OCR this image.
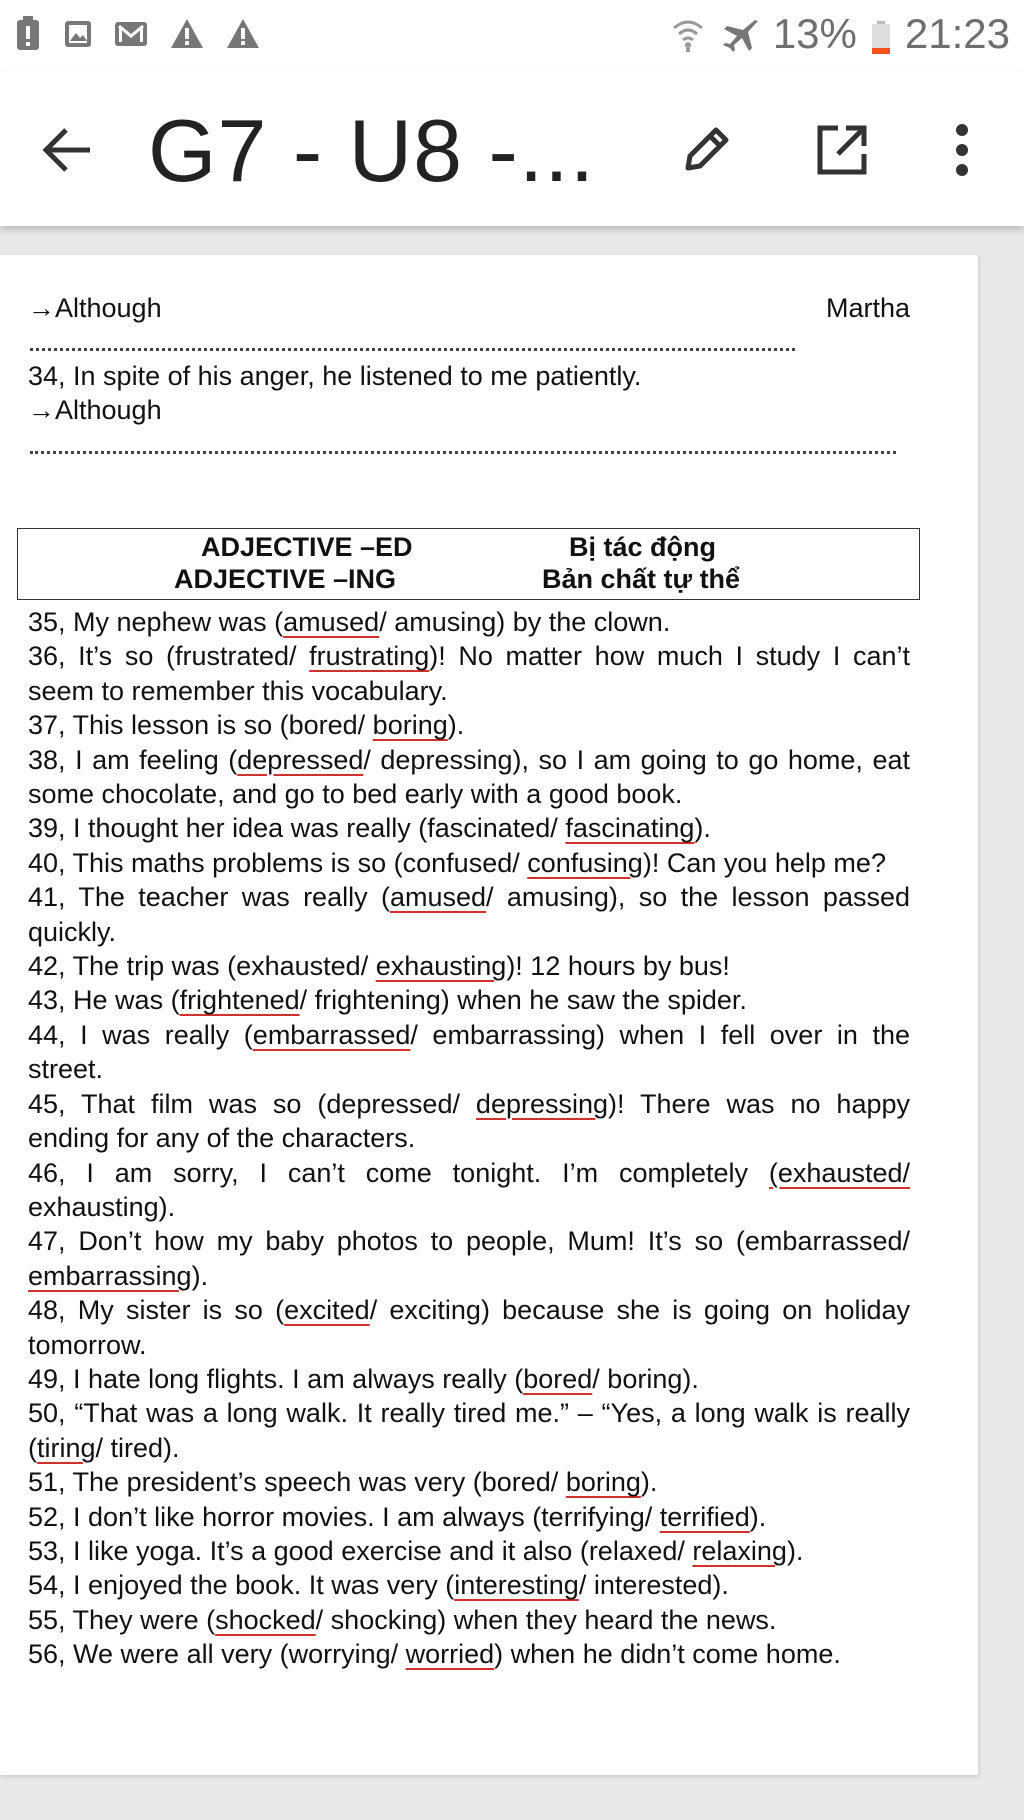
13% 21:23
G7 - U8 -...
→Although	Martha
34, In spite of his anger, he listened to me patiently.
→Although
ADJECTIVE –ED	Bị tác động
ADJECTIVE –ING	Bản chất tự thể

35, My nephew was (amused/ amusing) by the clown.

36, It’s so (frustrated/ frustrating)! No matter how much I study I can’t seem to remember this vocabulary.

37, This lesson is so (bored/ boring).

38, I am feeling (depressed/ depressing), so I am going to go home, eat some chocolate, and go to bed early with a good book.

39, I thought her idea was really (fascinated/ fascinating).

40, This maths problems is so (confused/ confusing)! Can you help me?

41, The teacher was really (amused/ amusing), so the lesson passed quickly.

42, The trip was (exhausted/ exhausting)! 12 hours by bus!

43, He was (frightened/ frightening) when he saw the spider.

44, I was really (embarrassed/ embarrassing) when I fell over in the street.

45, That film was so (depressed/ depressing)! There was no happy ending for any of the characters.

46, I am sorry, I can’t come tonight. I’m completely (exhausted/ exhausting).

47, Don’t how my baby photos to people, Mum! It’s so (embarrassed/ embarrassing).

48, My sister is so (excited/ exciting) because she is going on holiday tomorrow.

49, I hate long flights. I am always really (bored/ boring).

50, “That was a long walk. It really tired me.” – “Yes, a long walk is really (tiring/ tired).

51, The president’s speech was very (bored/ boring).

52, I don’t like horror movies. I am always (terrifying/ terrified).

53, I like yoga. It’s a good exercise and it also (relaxed/ relaxing).

54, I enjoyed the book. It was very (interesting/ interested).

55, They were (shocked/ shocking) when they heard the news.

56, We were all very (worrying/ worried) when he didn’t come home.
